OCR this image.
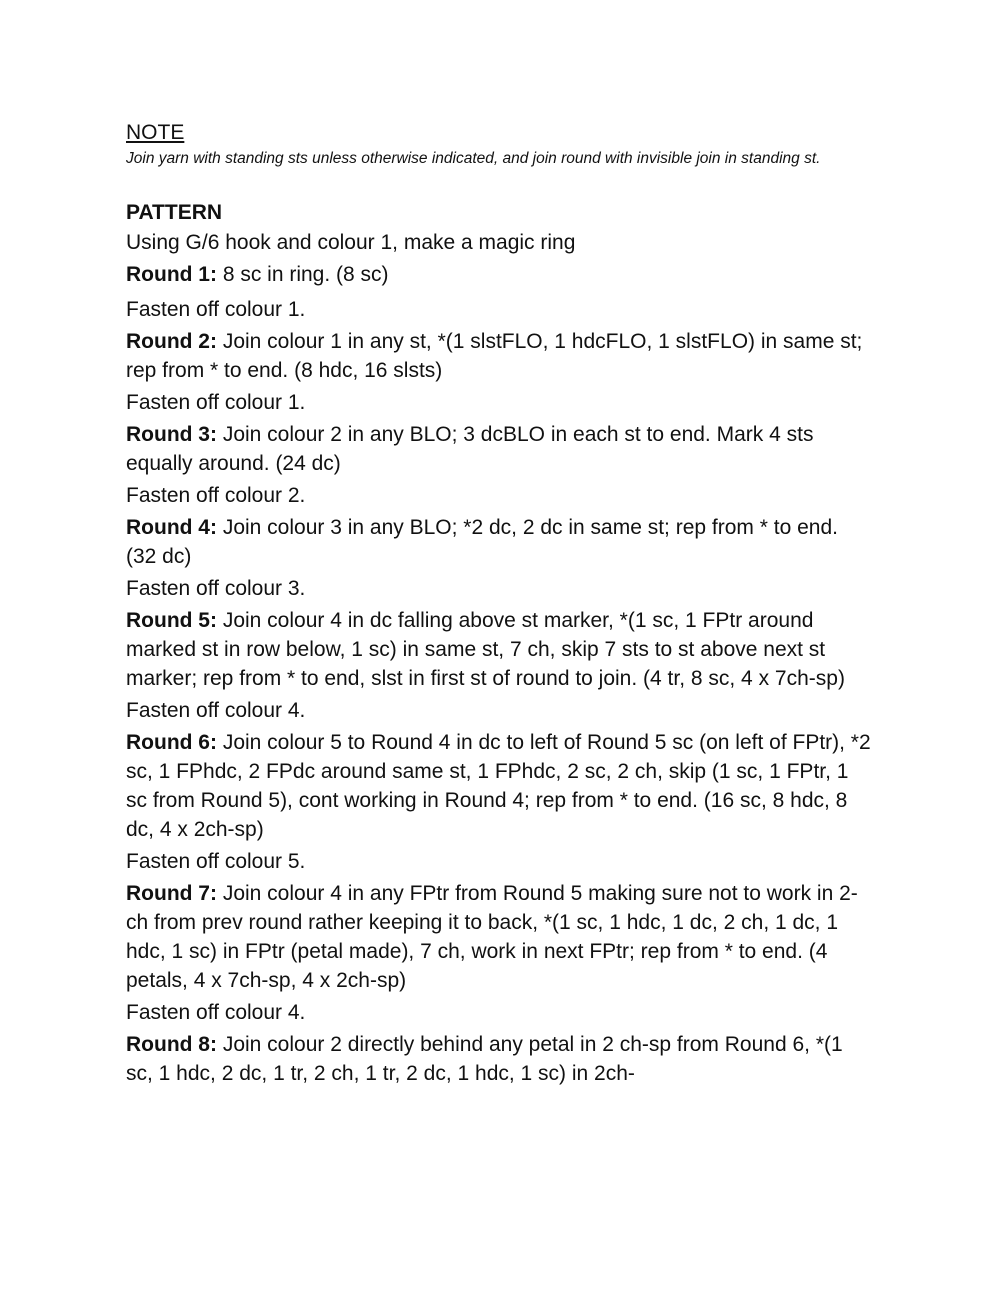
NOTE

Join yarn with standing sts unless otherwise indicated, and join round with invisible join in standing st.

PATTERN

Using G/6 hook and colour 1, make a magic ring

Round 1: 8 sc in ring. (8 sc)

Fasten off colour 1.

Round 2: Join colour 1 in any st, *(1 slstFLO, 1 hdcFLO, 1 slstFLO) in same st; rep from * to end. (8 hdc, 16 slsts)

Fasten off colour 1.

Round 3: Join colour 2 in any BLO; 3 dcBLO in each st to end. Mark 4 sts equally around. (24 dc)

Fasten off colour 2.

Round 4: Join colour 3 in any BLO; *2 dc, 2 dc in same st; rep from * to end. (32 dc)

Fasten off colour 3.

Round 5: Join colour 4 in dc falling above st marker, *(1 sc, 1 FPtr around marked st in row below, 1 sc) in same st, 7 ch, skip 7 sts to st above next st marker; rep from * to end, slst in first st of round to join. (4 tr, 8 sc, 4 x 7ch-sp)

Fasten off colour 4.

Round 6: Join colour 5 to Round 4 in dc to left of Round 5 sc (on left of FPtr), *2 sc, 1 FPhdc, 2 FPdc around same st, 1 FPhdc, 2 sc, 2 ch, skip (1 sc, 1 FPtr, 1 sc from Round 5), cont working in Round 4; rep from * to end. (16 sc, 8 hdc, 8 dc, 4 x 2ch-sp)

Fasten off colour 5.

Round 7: Join colour 4 in any FPtr from Round 5 making sure not to work in 2-ch from prev round rather keeping it to back, *(1 sc, 1 hdc, 1 dc, 2 ch, 1 dc, 1 hdc, 1 sc) in FPtr (petal made), 7 ch, work in next FPtr; rep from * to end. (4 petals, 4 x 7ch-sp, 4 x 2ch-sp)

Fasten off colour 4.

Round 8: Join colour 2 directly behind any petal in 2 ch-sp from Round 6, *(1 sc, 1 hdc, 2 dc, 1 tr, 2 ch, 1 tr, 2 dc, 1 hdc, 1 sc) in 2ch-
